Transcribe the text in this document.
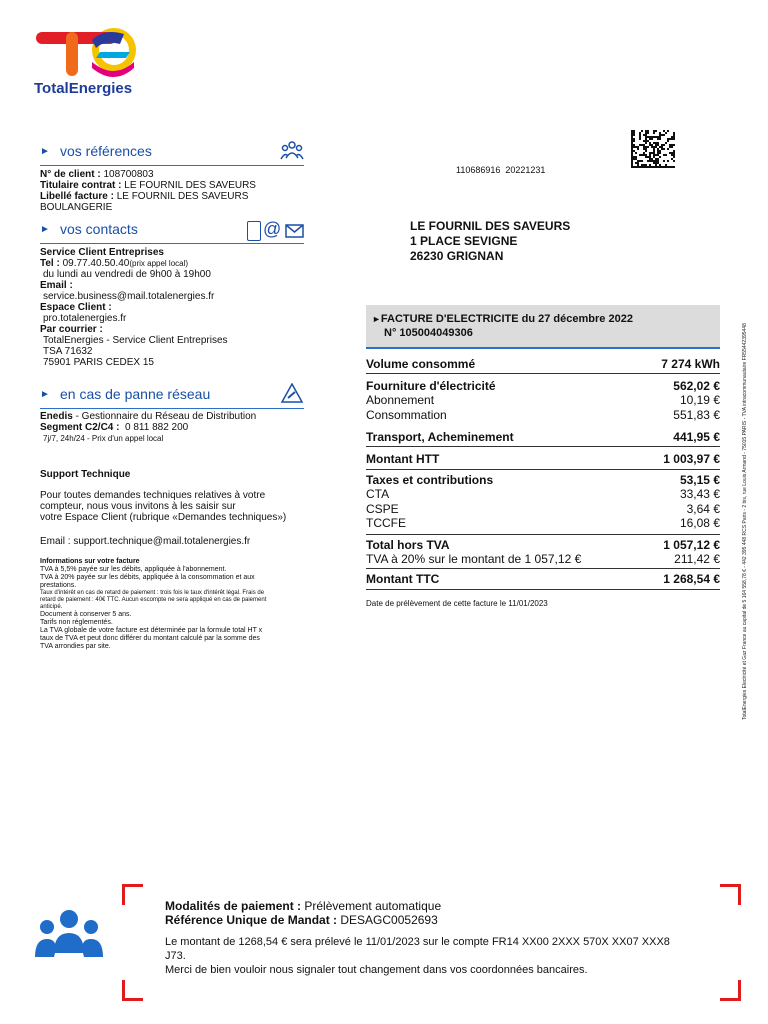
TotalEnergies
► vos références
N° de client : 108700803
Titulaire contrat : LE FOURNIL DES SAVEURS
Libellé facture : LE FOURNIL DES SAVEURS
BOULANGERIE
► vos contacts	@
Service Client Entreprises
Tel : 09.77.40.50.40(prix appel local)
du lundi au vendredi de 9h00 à 19h00
Email :
service.business@mail.totalenergies.fr
Espace Client :
pro.totalenergies.fr
Par courrier :
TotalEnergies - Service Client Entreprises
TSA 71632
75901 PARIS CEDEX 15
► en cas de panne réseau
Enedis - Gestionnaire du Réseau de Distribution
Segment C2/C4 : 0 811 882 200
7j/7, 24h/24 - Prix d'un appel local
Support Technique
Pour toutes demandes techniques relatives à votre
compteur, nous vous invitons à les saisir sur
votre Espace Client (rubrique «Demandes techniques»)
Email : support.technique@mail.totalenergies.fr
Informations sur votre facture
TVA à 5,5% payée sur les débits, appliquée à l'abonnement.
TVA à 20% payée sur les débits, appliquée à la consommation et aux
prestations.
Taux d'intérêt en cas de retard de paiement : trois fois le taux d'intérêt légal. Frais de
retard de paiement : 40€ TTC. Aucun escompte ne sera appliqué en cas de paiement
anticipé.
Document à conserver 5 ans.
Tarifs non réglementés.
La TVA globale de votre facture est déterminée par la formule total HT x
taux de TVA et peut donc différer du montant calculé par la somme des
TVA arrondies par site.
110686916  20221231
LE FOURNIL DES SAVEURS
1 PLACE SEVIGNE
26230 GRIGNAN
TotalEnergies Electricité et Gaz France au capital de 5 164 558,78 € - 442 395 448 RCS Paris - 2 bis, rue Louis Armand - 75015 PARIS - TVA intracommunautaire FR55442395448
►FACTURE D'ELECTRICITE du 27 décembre 2022
N° 105004049306
Volume consommé	7 274 kWh
Fourniture d'électricité	562,02 €
Abonnement	10,19 €
Consommation	551,83 €
Transport, Acheminement	441,95 €
Montant HTT	1 003,97 €
Taxes et contributions	53,15 €
CTA	33,43 €
CSPE	3,64 €
TCCFE	16,08 €
Total hors TVA	1 057,12 €
TVA à 20% sur le montant de 1 057,12 €	211,42 €
Montant TTC	1 268,54 €
Date de prélèvement de cette facture le 11/01/2023
Modalités de paiement : Prélèvement automatique
Référence Unique de Mandat : DESAGC0052693
Le montant de 1268,54 € sera prélevé le 11/01/2023 sur le compte FR14 XX00 2XXX 570X XX07 XXX8
J73.
Merci de bien vouloir nous signaler tout changement dans vos coordonnées bancaires.
